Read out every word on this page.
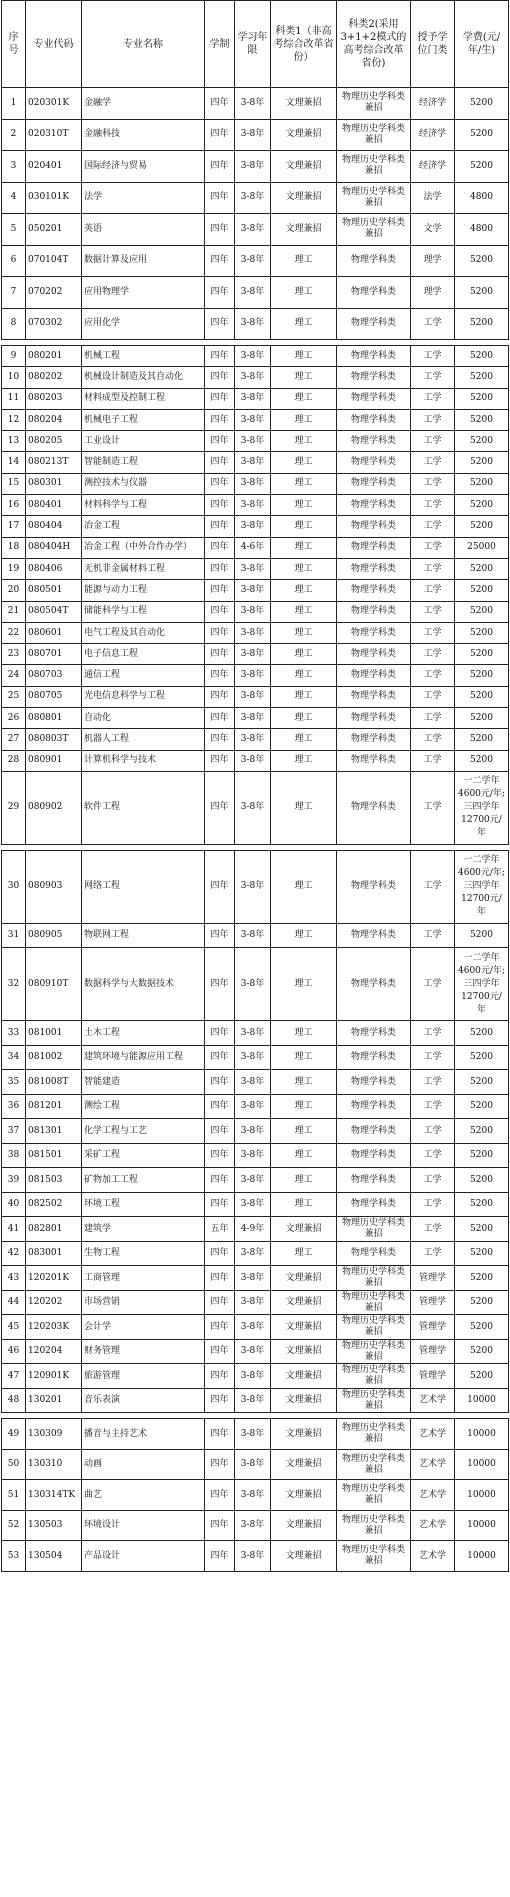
序号	专业代码	专业名称	学制	学习年限	科类1（非高考综合改革省份）	科类2(采用3+1+2模式的高考综合改革省份)	授予学位门类	学费(元/年/生)
1	020301K	金融学	四年	3-8年	文理兼招	物理历史学科类兼招	经济学	5200
2	020310T	金融科技	四年	3-8年	文理兼招	物理历史学科类兼招	经济学	5200
3	020401	国际经济与贸易	四年	3-8年	文理兼招	物理历史学科类兼招	经济学	5200
4	030101K	法学	四年	3-8年	文理兼招	物理历史学科类兼招	法学	4800
5	050201	英语	四年	3-8年	文理兼招	物理历史学科类兼招	文学	4800
6	070104T	数据计算及应用	四年	3-8年	理工	物理学科类	理学	5200
7	070202	应用物理学	四年	3-8年	理工	物理学科类	理学	5200
8	070302	应用化学	四年	3-8年	理工	物理学科类	工学	5200

9	080201	机械工程	四年	3-8年	理工	物理学科类	工学	5200
10	080202	机械设计制造及其自动化	四年	3-8年	理工	物理学科类	工学	5200
11	080203	材料成型及控制工程	四年	3-8年	理工	物理学科类	工学	5200
12	080204	机械电子工程	四年	3-8年	理工	物理学科类	工学	5200
13	080205	工业设计	四年	3-8年	理工	物理学科类	工学	5200
14	080213T	智能制造工程	四年	3-8年	理工	物理学科类	工学	5200
15	080301	测控技术与仪器	四年	3-8年	理工	物理学科类	工学	5200
16	080401	材料科学与工程	四年	3-8年	理工	物理学科类	工学	5200
17	080404	冶金工程	四年	3-8年	理工	物理学科类	工学	5200
18	080404H	冶金工程（中外合作办学）	四年	4-6年	理工	物理学科类	工学	25000
19	080406	无机非金属材料工程	四年	3-8年	理工	物理学科类	工学	5200
20	080501	能源与动力工程	四年	3-8年	理工	物理学科类	工学	5200
21	080504T	储能科学与工程	四年	3-8年	理工	物理学科类	工学	5200
22	080601	电气工程及其自动化	四年	3-8年	理工	物理学科类	工学	5200
23	080701	电子信息工程	四年	3-8年	理工	物理学科类	工学	5200
24	080703	通信工程	四年	3-8年	理工	物理学科类	工学	5200
25	080705	光电信息科学与工程	四年	3-8年	理工	物理学科类	工学	5200
26	080801	自动化	四年	3-8年	理工	物理学科类	工学	5200
27	080803T	机器人工程	四年	3-8年	理工	物理学科类	工学	5200
28	080901	计算机科学与技术	四年	3-8年	理工	物理学科类	工学	5200
29	080902	软件工程	四年	3-8年	理工	物理学科类	工学	一二学年4600元/年;三四学年12700元/年

30	080903	网络工程	四年	3-8年	理工	物理学科类	工学	一二学年4600元/年;三四学年12700元/年
31	080905	物联网工程	四年	3-8年	理工	物理学科类	工学	5200
32	080910T	数据科学与大数据技术	四年	3-8年	理工	物理学科类	工学	一二学年4600元/年;三四学年12700元/年
33	081001	土木工程	四年	3-8年	理工	物理学科类	工学	5200
34	081002	建筑环境与能源应用工程	四年	3-8年	理工	物理学科类	工学	5200
35	081008T	智能建造	四年	3-8年	理工	物理学科类	工学	5200
36	081201	测绘工程	四年	3-8年	理工	物理学科类	工学	5200
37	081301	化学工程与工艺	四年	3-8年	理工	物理学科类	工学	5200
38	081501	采矿工程	四年	3-8年	理工	物理学科类	工学	5200
39	081503	矿物加工工程	四年	3-8年	理工	物理学科类	工学	5200
40	082502	环境工程	四年	3-8年	理工	物理学科类	工学	5200
41	082801	建筑学	五年	4-9年	文理兼招	物理历史学科类兼招	工学	5200
42	083001	生物工程	四年	3-8年	理工	物理学科类	工学	5200
43	120201K	工商管理	四年	3-8年	文理兼招	物理历史学科类兼招	管理学	5200
44	120202	市场营销	四年	3-8年	文理兼招	物理历史学科类兼招	管理学	5200
45	120203K	会计学	四年	3-8年	文理兼招	物理历史学科类兼招	管理学	5200
46	120204	财务管理	四年	3-8年	文理兼招	物理历史学科类兼招	管理学	5200
47	120901K	旅游管理	四年	3-8年	文理兼招	物理历史学科类兼招	管理学	5200
48	130201	音乐表演	四年	3-8年	文理兼招	物理历史学科类兼招	艺术学	10000

49	130309	播音与主持艺术	四年	3-8年	文理兼招	物理历史学科类兼招	艺术学	10000
50	130310	动画	四年	3-8年	文理兼招	物理历史学科类兼招	艺术学	10000
51	130314TK	曲艺	四年	3-8年	文理兼招	物理历史学科类兼招	艺术学	10000
52	130503	环境设计	四年	3-8年	文理兼招	物理历史学科类兼招	艺术学	10000
53	130504	产品设计	四年	3-8年	文理兼招	物理历史学科类兼招	艺术学	10000
